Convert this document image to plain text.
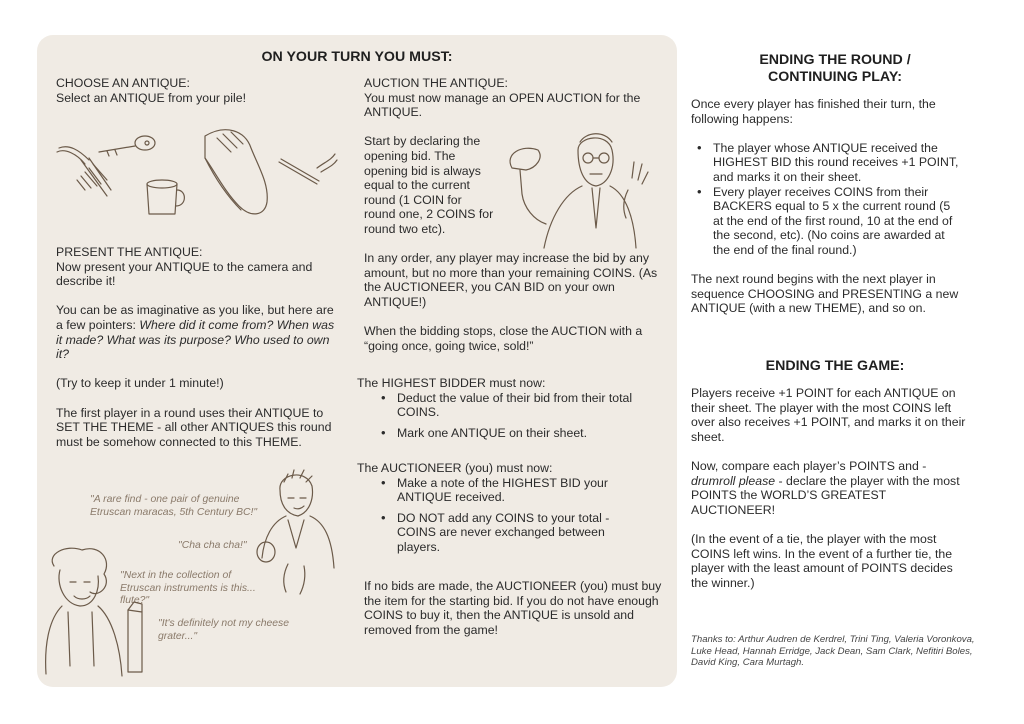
ON YOUR TURN YOU MUST:

CHOOSE AN ANTIQUE:

Select an ANTIQUE from your pile!

PRESENT THE ANTIQUE:

Now present your ANTIQUE to the camera and describe it!

You can be as imaginative as you like, but here are a few pointers: Where did it come from? When was it made? What was its purpose? Who used to own it?

(Try to keep it under 1 minute!)

The first player in a round uses their ANTIQUE to SET THE THEME - all other ANTIQUES this round must be somehow connected to this THEME.

"A rare find - one pair of genuine Etruscan maracas, 5th Century BC!"
"Cha cha cha!"
"Next in the collection of Etruscan instruments is this... flute?"
"It's definitely not my cheese grater..."

AUCTION THE ANTIQUE:

You must now manage an OPEN AUCTION for the ANTIQUE.

Start by declaring the opening bid. The opening bid is always equal to the current round (1 COIN for round one, 2 COINS for round two etc).

In any order, any player may increase the bid by any amount, but no more than your remaining COINS. (As the AUCTIONEER, you CAN BID on your own ANTIQUE!)

When the bidding stops, close the AUCTION with a “going once, going twice, sold!”

The HIGHEST BIDDER must now:

• Deduct the value of their bid from their total COINS.
• Mark one ANTIQUE on their sheet.

The AUCTIONEER (you) must now:

• Make a note of the HIGHEST BID your ANTIQUE received.
• DO NOT add any COINS to your total - COINS are never exchanged between players.
If no bids are made, the AUCTIONEER (you) must buy the item for the starting bid. If you do not have enough COINS to buy it, then the ANTIQUE is unsold and removed from the game!
ENDING THE ROUND /
CONTINUING PLAY:

Once every player has finished their turn, the following happens:

• The player whose ANTIQUE received the HIGHEST BID this round receives +1 POINT, and marks it on their sheet.
• Every player receives COINS from their BACKERS equal to 5 x the current round (5 at the end of the first round, 10 at the end of the second, etc). (No coins are awarded at the end of the final round.)

The next round begins with the next player in sequence CHOOSING and PRESENTING a new ANTIQUE (with a new THEME), and so on.

ENDING THE GAME:

Players receive +1 POINT for each ANTIQUE on their sheet. The player with the most COINS left over also receives +1 POINT, and marks it on their sheet.

Now, compare each player’s POINTS and - drumroll please - declare the player with the most POINTS the WORLD’S GREATEST AUCTIONEER!

(In the event of a tie, the player with the most COINS left wins. In the event of a further tie, the player with the least amount of POINTS decides the winner.)

Thanks to: Arthur Audren de Kerdrel, Trini Ting, Valeria Voronkova, Luke Head, Hannah Erridge, Jack Dean, Sam Clark, Nefitiri Boles, David King, Cara Murtagh.
